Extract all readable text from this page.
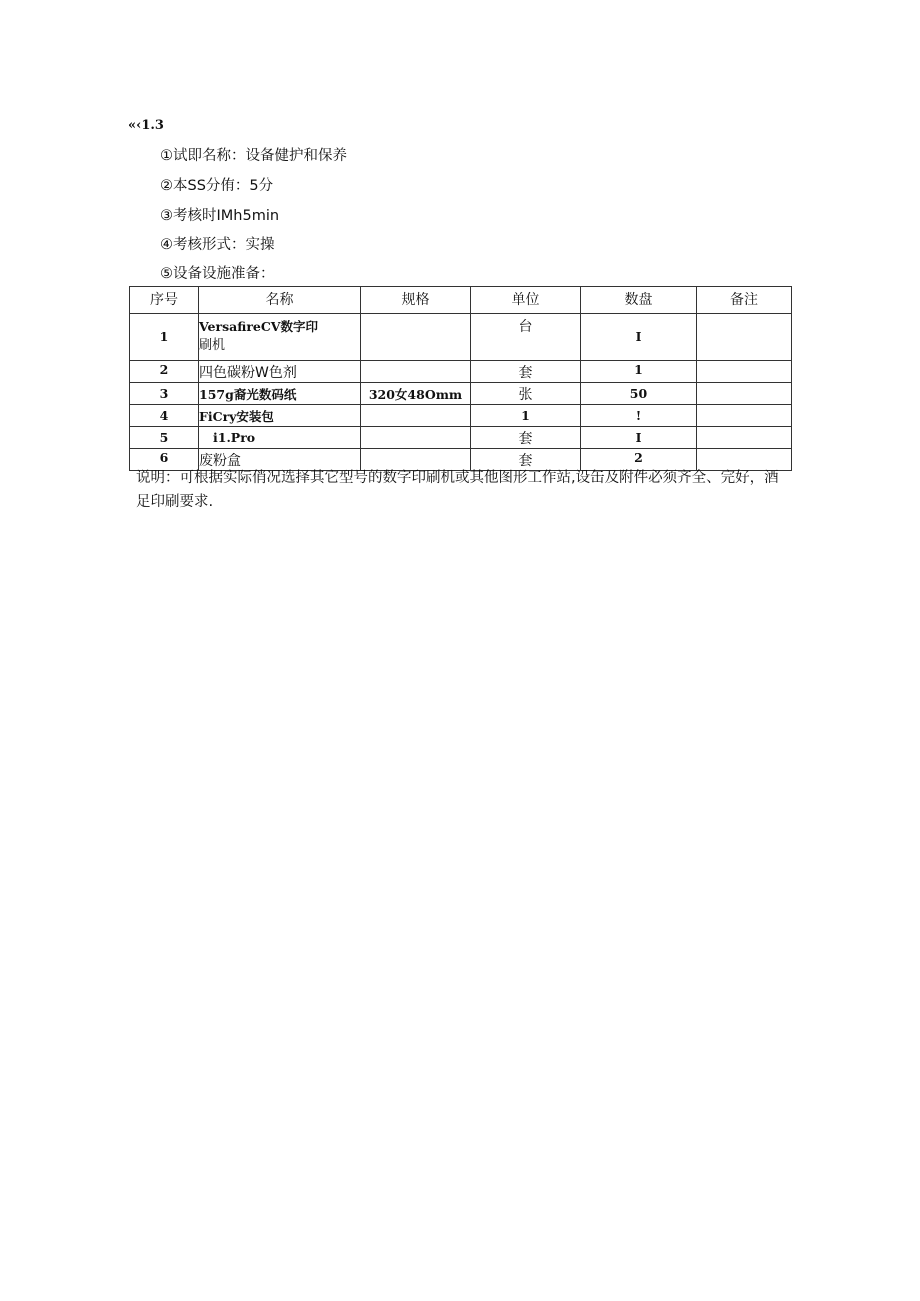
«‹1.3
①试即名称：设备健护和保养
②本SS分侑：5分
③考核时IMh5min
④考核形式：实操
⑤设备设施准备：
序号	名称	规格	单位	数盘	备注
1	VersafireCV数字印
刷机		台	I	
2	四色碳粉W色剂		套	1	
3	157g裔光数码纸	320女48Omm	张	50	
4	FiCry安装包		1	!	
5	i1.Pro		套	I	
6	废粉盒		套	2	
说明：可根据实际俏况选择其它型号的数字印刷机或其他图形工作站,设缶及附件必须齐全、完好，酒足印刷要求.
